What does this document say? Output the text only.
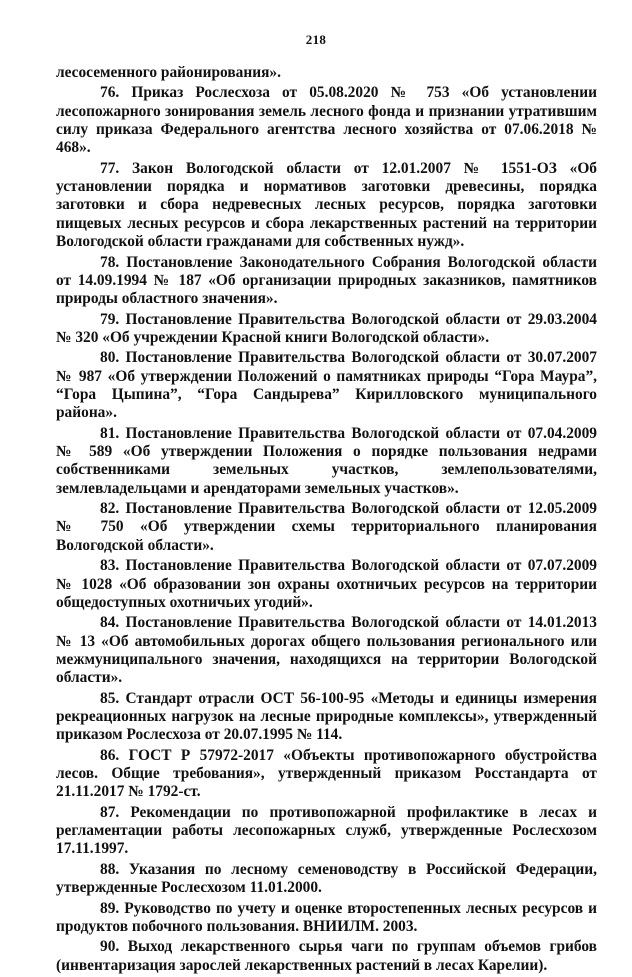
218

лесосеменного районирования».

76. Приказ Рослесхоза от 05.08.2020 № 753 «Об установлении лесопожарного зонирования земель лесного фонда и признании утратившим силу приказа Федерального агентства лесного хозяйства от 07.06.2018 № 468».

77. Закон Вологодской области от 12.01.2007 № 1551-ОЗ «Об установлении порядка и нормативов заготовки древесины, порядка заготовки и сбора недревесных лесных ресурсов, порядка заготовки пищевых лесных ресурсов и сбора лекарственных растений на территории Вологодской области гражданами для собственных нужд».

78. Постановление Законодательного Собрания Вологодской области от 14.09.1994 № 187 «Об организации природных заказников, памятников природы областного значения».

79. Постановление Правительства Вологодской области от 29.03.2004 № 320 «Об учреждении Красной книги Вологодской области».

80. Постановление Правительства Вологодской области от 30.07.2007 № 987 «Об утверждении Положений о памятниках природы “Гора Маура”, “Гора Цыпина”, “Гора Сандырева” Кирилловского муниципального района».

81. Постановление Правительства Вологодской области от 07.04.2009 № 589 «Об утверждении Положения о порядке пользования недрами собственниками земельных участков, землепользователями, землевладельцами и арендаторами земельных участков».

82. Постановление Правительства Вологодской области от 12.05.2009 № 750 «Об утверждении схемы территориального планирования Вологодской области».

83. Постановление Правительства Вологодской области от 07.07.2009 № 1028 «Об образовании зон охраны охотничьих ресурсов на территории общедоступных охотничьих угодий».

84. Постановление Правительства Вологодской области от 14.01.2013 № 13 «Об автомобильных дорогах общего пользования регионального или межмуниципального значения, находящихся на территории Вологодской области».

85. Стандарт отрасли ОСТ 56-100-95 «Методы и единицы измерения рекреационных нагрузок на лесные природные комплексы», утвержденный приказом Рослесхоза от 20.07.1995 № 114.

86. ГОСТ Р 57972-2017 «Объекты противопожарного обустройства лесов. Общие требования», утвержденный приказом Росстандарта от 21.11.2017 № 1792-ст.

87. Рекомендации по противопожарной профилактике в лесах и регламентации работы лесопожарных служб, утвержденные Рослесхозом 17.11.1997.

88. Указания по лесному семеноводству в Российской Федерации, утвержденные Рослесхозом 11.01.2000.

89. Руководство по учету и оценке второстепенных лесных ресурсов и продуктов побочного пользования. ВНИИЛМ. 2003.

90. Выход лекарственного сырья чаги по группам объемов грибов (инвентаризация зарослей лекарственных растений в лесах Карелии).
